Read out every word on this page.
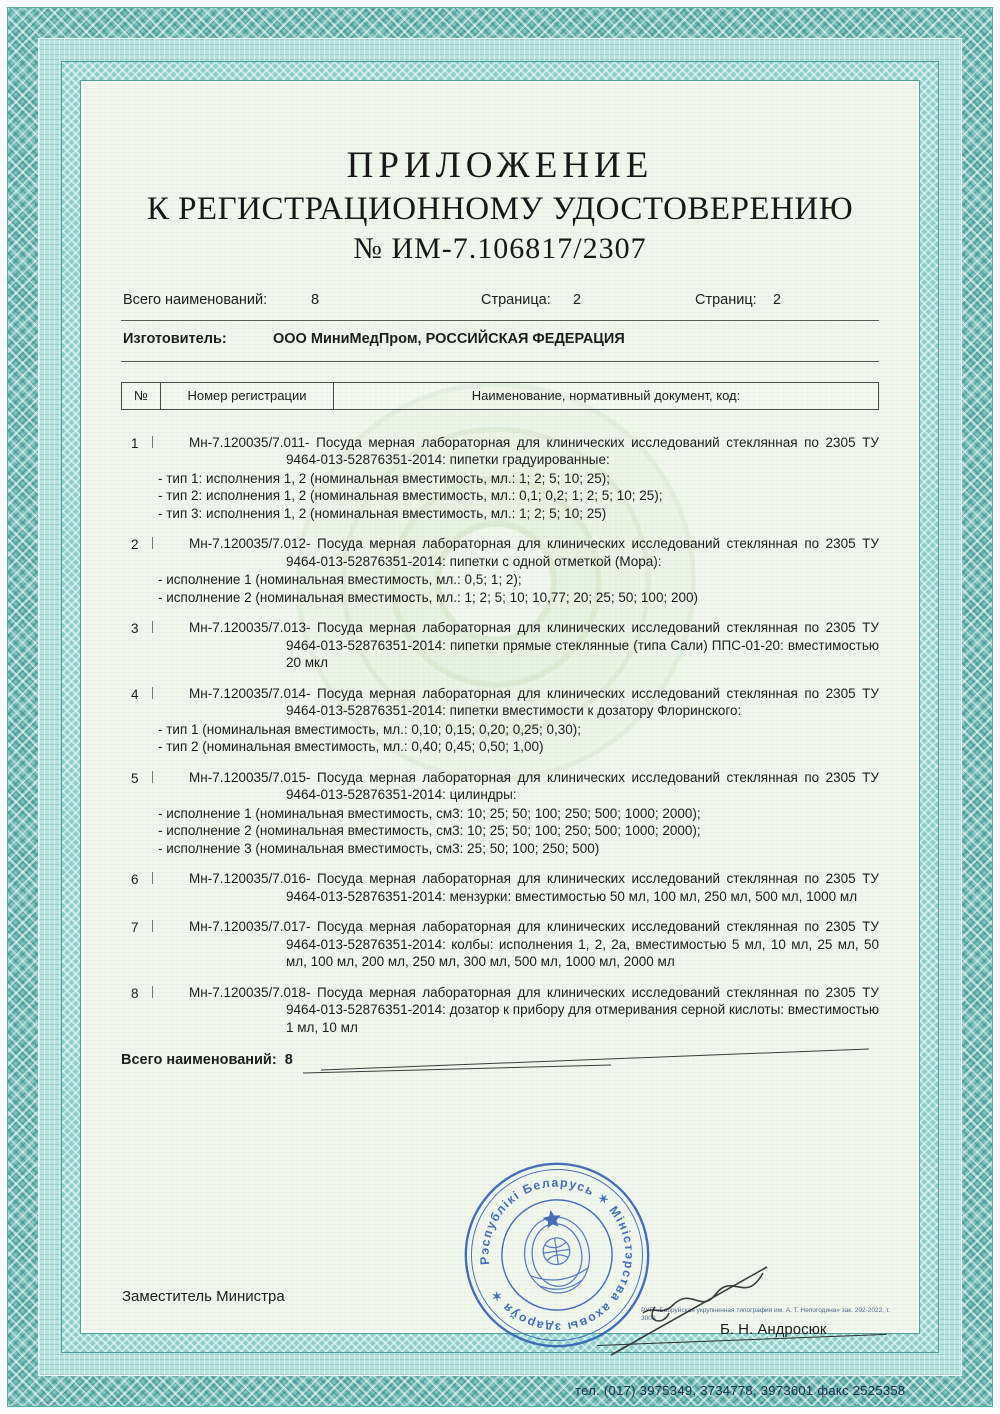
ПРИЛОЖЕНИЕ
К РЕГИСТРАЦИОННОМУ УДОСТОВЕРЕНИЮ
№ ИМ-7.106817/2307
Всего наименований:	8	Страница: 2	Страниц: 2
Изготовитель:	ООО МиниМедПром, РОССИЙСКАЯ ФЕДЕРАЦИЯ
№	Номер регистрации	Наименование, нормативный документ, код:
1	Мн-7.120035/7.011- Посуда мерная лабораторная для клинических исследований стеклянная по 2305 ТУ 9464-013-52876351-2014: пипетки градуированные:

- тип 1: исполнения 1, 2 (номинальная вместимость, мл.: 1; 2; 5; 10; 25);
- тип 2: исполнения 1, 2 (номинальная вместимость, мл.: 0,1; 0,2; 1; 2; 5; 10; 25);
- тип 3: исполнения 1, 2 (номинальная вместимость, мл.: 1; 2; 5; 10; 25)
2	Мн-7.120035/7.012- Посуда мерная лабораторная для клинических исследований стеклянная по 2305 ТУ 9464-013-52876351-2014: пипетки с одной отметкой (Мора):

- исполнение 1 (номинальная вместимость, мл.: 0,5; 1; 2);
- исполнение 2 (номинальная вместимость, мл.: 1; 2; 5; 10; 10,77; 20; 25; 50; 100; 200)
3	Мн-7.120035/7.013- Посуда мерная лабораторная для клинических исследований стеклянная по 2305 ТУ 9464-013-52876351-2014: пипетки прямые стеклянные (типа Сали) ППС-01-20: вместимостью 20 мкл

4	Мн-7.120035/7.014- Посуда мерная лабораторная для клинических исследований стеклянная по 2305 ТУ 9464-013-52876351-2014: пипетки вместимости к дозатору Флоринского:

- тип 1 (номинальная вместимость, мл.: 0,10; 0,15; 0,20; 0,25; 0,30);
- тип 2 (номинальная вместимость, мл.: 0,40; 0,45; 0,50; 1,00)
5	Мн-7.120035/7.015- Посуда мерная лабораторная для клинических исследований стеклянная по 2305 ТУ 9464-013-52876351-2014: цилиндры:

- исполнение 1 (номинальная вместимость, см3: 10; 25; 50; 100; 250; 500; 1000; 2000);
- исполнение 2 (номинальная вместимость, см3: 10; 25; 50; 100; 250; 500; 1000; 2000);
- исполнение 3 (номинальная вместимость, см3: 25; 50; 100; 250; 500)
6	Мн-7.120035/7.016- Посуда мерная лабораторная для клинических исследований стеклянная по 2305 ТУ 9464-013-52876351-2014: мензурки: вместимостью 50 мл, 100 мл, 250 мл, 500 мл, 1000 мл

7	Мн-7.120035/7.017- Посуда мерная лабораторная для клинических исследований стеклянная по 2305 ТУ 9464-013-52876351-2014: колбы: исполнения 1, 2, 2а, вместимостью 5 мл, 10 мл, 25 мл, 50 мл, 100 мл, 200 мл, 250 мл, 300 мл, 500 мл, 1000 мл, 2000 мл

8	Мн-7.120035/7.018- Посуда мерная лабораторная для клинических исследований стеклянная по 2305 ТУ 9464-013-52876351-2014: дозатор к прибору для отмеривания серной кислоты: вместимостью 1 мл, 10 мл

Всего наименований: 8
Рэспублікі Беларусь ✶ Міністэрства аховы здароўя ✶
Заместитель Министра
РУП «Бобруйская укрупненная типография им. А. Т. Непогодина» зак. 292-2022, т. 3000
Б. Н. Андросюк
тел. (017) 3975349, 3734778, 3973601 факс 2525358
